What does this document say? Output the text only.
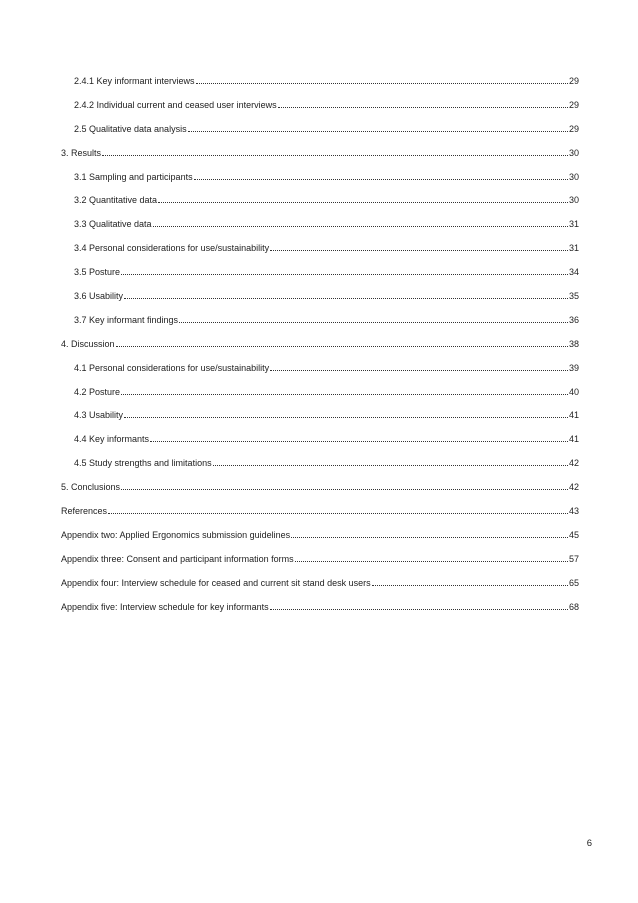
2.4.1 Key informant interviews	29
2.4.2 Individual current and ceased user interviews	29
2.5 Qualitative data analysis	29
3. Results	30
3.1 Sampling and participants	30
3.2 Quantitative data	30
3.3 Qualitative data	31
3.4 Personal considerations for use/sustainability	31
3.5 Posture	34
3.6 Usability	35
3.7 Key informant findings	36
4. Discussion	38
4.1 Personal considerations for use/sustainability	39
4.2 Posture	40
4.3 Usability	41
4.4 Key informants	41
4.5 Study strengths and limitations	42
5. Conclusions	42
References	43
Appendix two: Applied Ergonomics submission guidelines	45
Appendix three: Consent and participant information forms	57
Appendix four: Interview schedule for ceased and current sit stand desk users	65
Appendix five: Interview schedule for key informants	68
6
